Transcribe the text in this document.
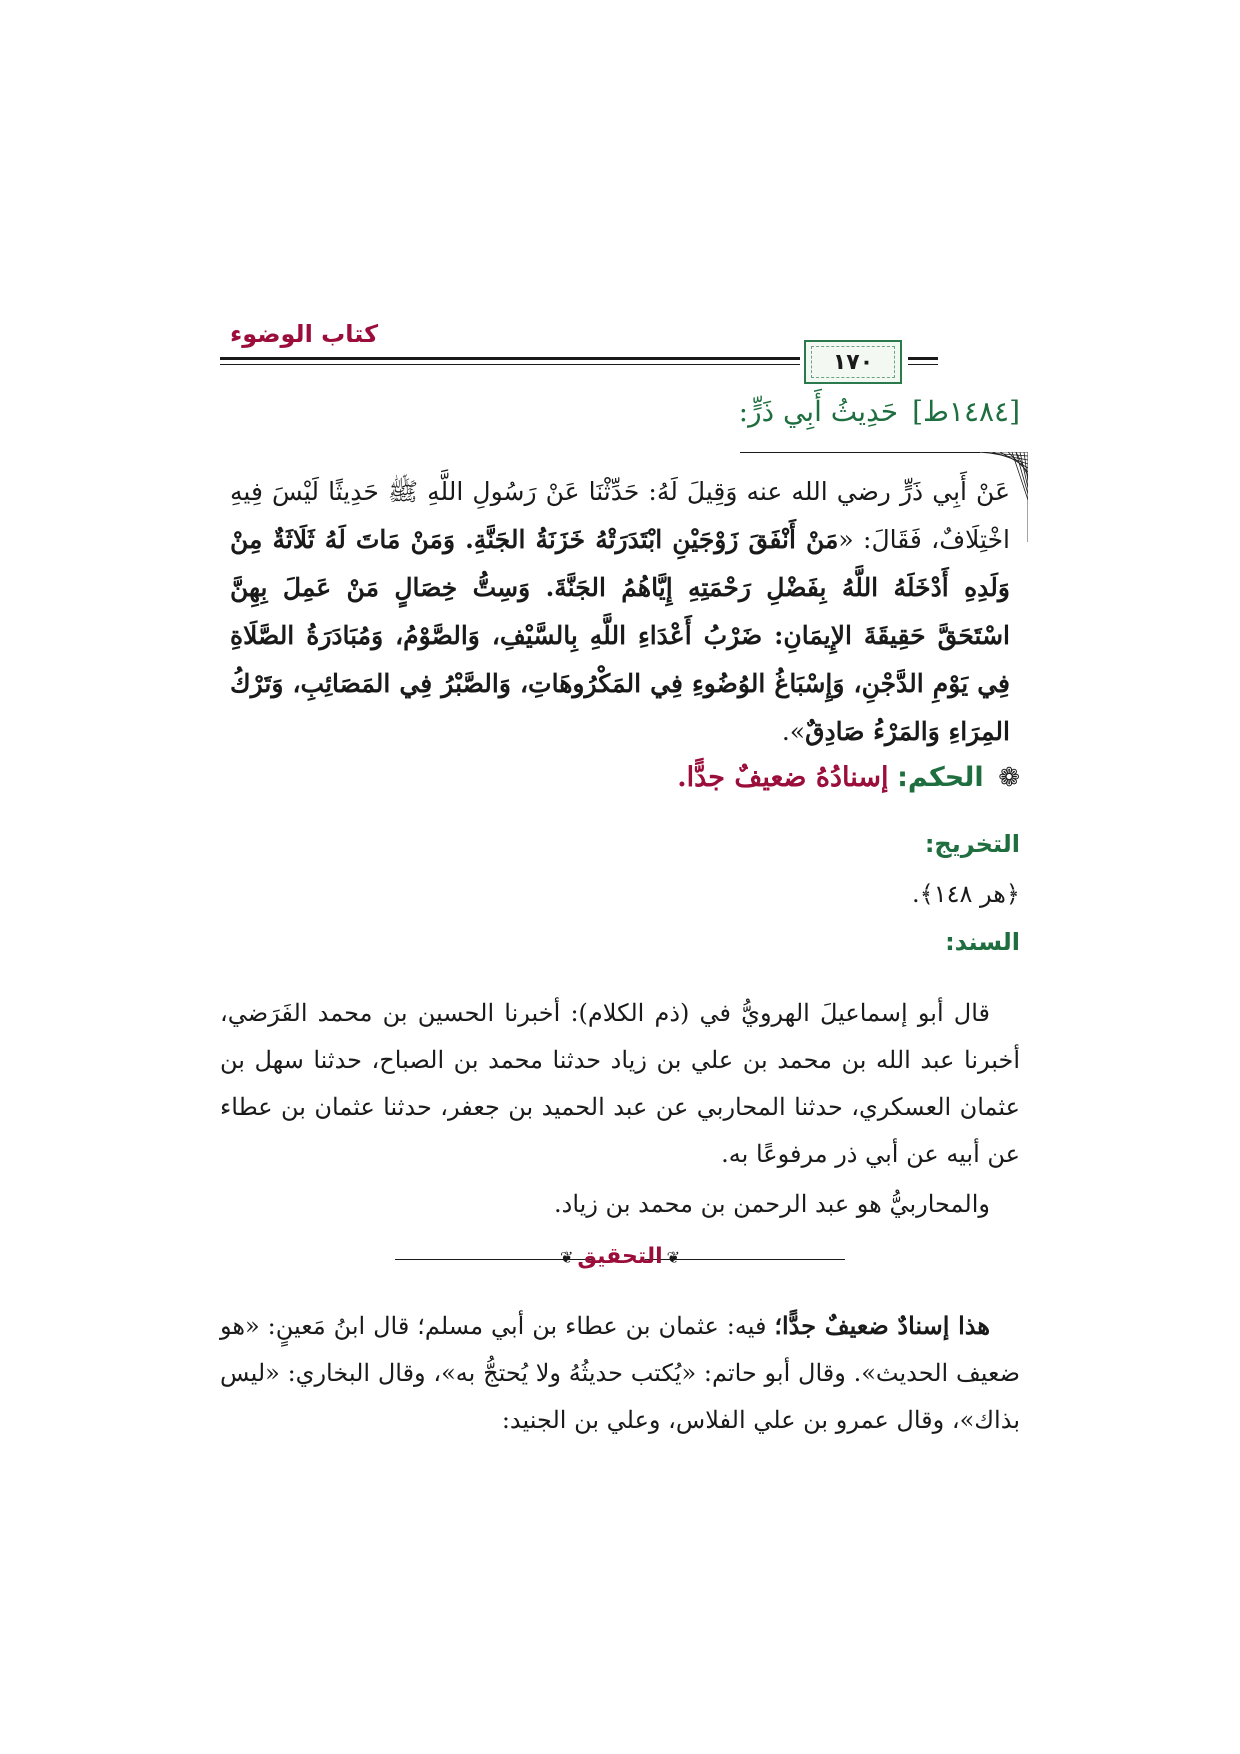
كتاب الوضوء
١٧٠
[١٤٨٤ط]حَدِيثُ أَبِي ذَرٍّ:
عَنْ أَبِي ذَرٍّ رضي الله عنه وَقِيلَ لَهُ: حَدِّثْنَا عَنْ رَسُولِ اللَّهِ ﷺ حَدِيثًا لَيْسَ فِيهِ اخْتِلَافٌ، فَقَالَ: «مَنْ أَنْفَقَ زَوْجَيْنِ ابْتَدَرَتْهُ خَزَنَةُ الجَنَّةِ. وَمَنْ مَاتَ لَهُ ثَلَاثَةٌ مِنْ وَلَدِهِ أَدْخَلَهُ اللَّهُ بِفَضْلِ رَحْمَتِهِ إِيَّاهُمُ الجَنَّةَ. وَسِتُّ خِصَالٍ مَنْ عَمِلَ بِهِنَّ اسْتَحَقَّ حَقِيقَةَ الإِيمَانِ: ضَرْبُ أَعْدَاءِ اللَّهِ بِالسَّيْفِ، وَالصَّوْمُ، وَمُبَادَرَةُ الصَّلَاةِ فِي يَوْمِ الدَّجْنِ، وَإِسْبَاغُ الوُضُوءِ فِي المَكْرُوهَاتِ، وَالصَّبْرُ فِي المَصَائِبِ، وَتَرْكُ المِرَاءِ وَالمَرْءُ صَادِقٌ».
❁ الحكم: إسنادُهُ ضعيفٌ جدًّا.
التخريج:
﴿هر ١٤٨﴾.
السند:
قال أبو إسماعيلَ الهرويُّ في (ذم الكلام): أخبرنا الحسين بن محمد الفَرَضي، أخبرنا عبد الله بن محمد بن علي بن زياد حدثنا محمد بن الصباح، حدثنا سهل بن عثمان العسكري، حدثنا المحاربي عن عبد الحميد بن جعفر، حدثنا عثمان بن عطاء عن أبيه عن أبي ذر مرفوعًا به.
والمحاربيُّ هو عبد الرحمن بن محمد بن زياد.
❦التحقيق❦
هذا إسنادٌ ضعيفٌ جدًّا؛ فيه: عثمان بن عطاء بن أبي مسلم؛ قال ابنُ مَعينٍ: «هو ضعيف الحديث». وقال أبو حاتم: «يُكتب حديثُهُ ولا يُحتجُّ به»، وقال البخاري: «ليس بذاك»، وقال عمرو بن علي الفلاس، وعلي بن الجنيد:
